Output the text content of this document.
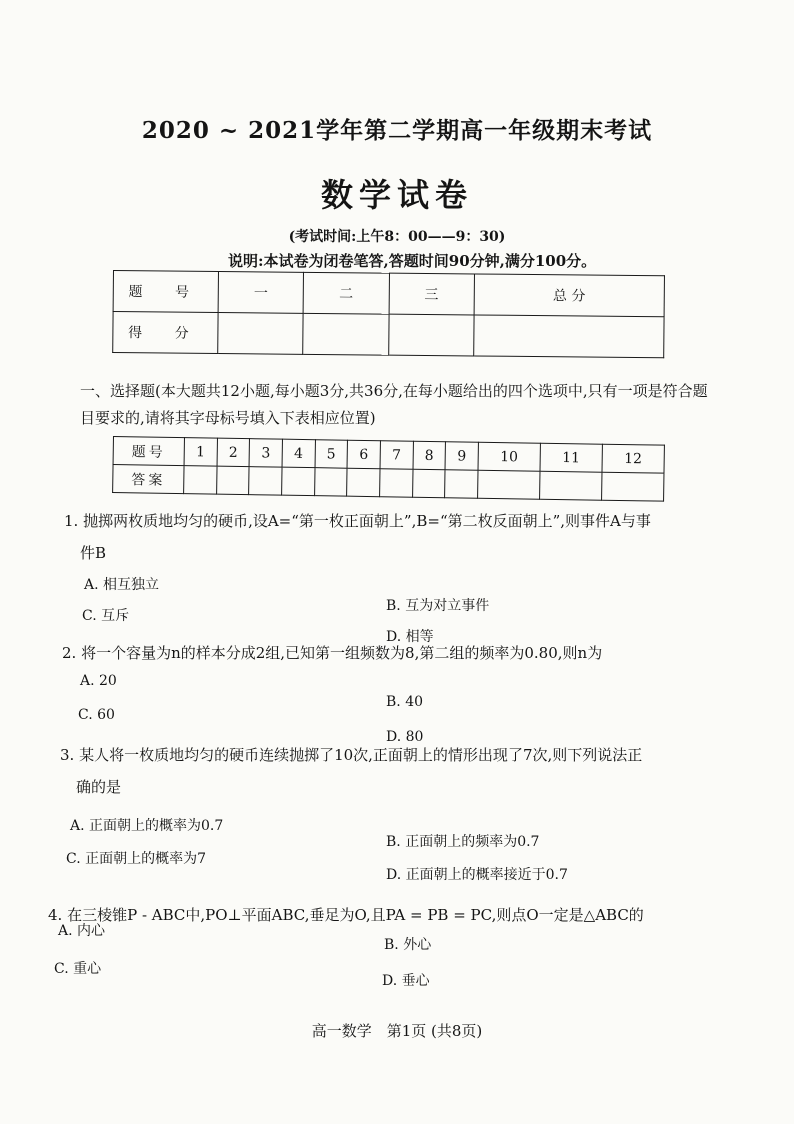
2020 ~ 2021学年第二学期高一年级期末考试
数学试卷
(考试时间:上午8：00——9：30)
说明:本试卷为闭卷笔答,答题时间90分钟,满分100分。
题 号	一	二	三	总 分
得 分				
一、选择题(本大题共12小题,每小题3分,共36分,在每小题给出的四个选项中,只有一项是符合题目要求的,请将其字母标号填入下表相应位置)
题号	1	2	3	4	5	6	7	8	9	10	11	12
答案												
1. 抛掷两枚质地均匀的硬币,设A=“第一枚正面朝上”,B=“第二枚反面朝上”,则事件A与事
件B
A. 相互独立
B. 互为对立事件
C. 互斥
D. 相等
2. 将一个容量为n的样本分成2组,已知第一组频数为8,第二组的频率为0.80,则n为
A. 20
B. 40
C. 60
D. 80
3. 某人将一枚质地均匀的硬币连续抛掷了10次,正面朝上的情形出现了7次,则下列说法正
确的是
A. 正面朝上的概率为0.7
B. 正面朝上的频率为0.7
C. 正面朝上的概率为7
D. 正面朝上的概率接近于0.7
4. 在三棱锥P - ABC中,PO⊥平面ABC,垂足为O,且PA = PB = PC,则点O一定是△ABC的
A. 内心
B. 外心
C. 重心
D. 垂心
高一数学　第1页 (共8页)
